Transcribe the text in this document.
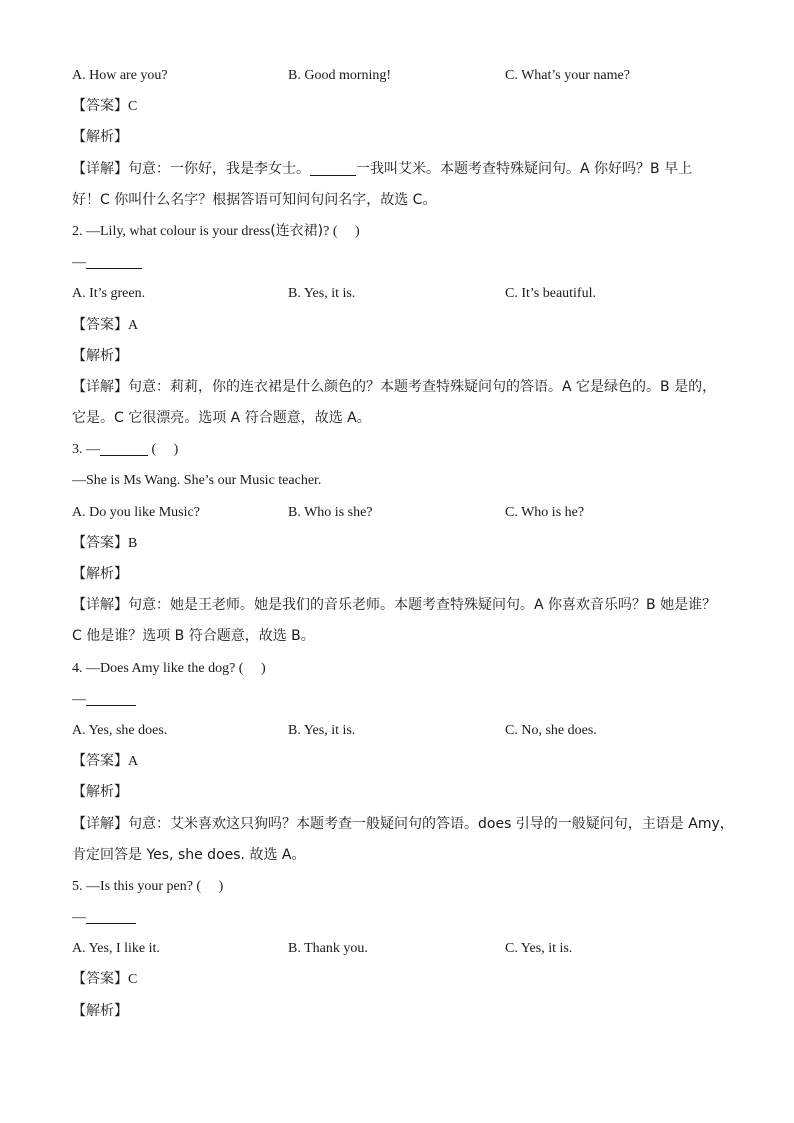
A. How are you?	B. Good morning!	C. What’s your name?
【答案】C
【解析】
【详解】句意：一你好，我是李女士。	一我叫艾米。本题考查特殊疑问句。A 你好吗？B 早上
好！C 你叫什么名字？根据答语可知问句问名字，故选 C。
2. —Lily, what colour is your dress(连衣裙)? (　 )
—
A. It’s green.	B. Yes, it is.	C. It’s beautiful.
【答案】A
【解析】
【详解】句意：莉莉，你的连衣裙是什么颜色的？本题考查特殊疑问句的答语。A 它是绿色的。B 是的，
它是。C 它很漂亮。选项 A 符合题意，故选 A。
3. —	(　 )
—She is Ms Wang. She’s our Music teacher.
A. Do you like Music?	B. Who is she?	C. Who is he?
【答案】B
【解析】
【详解】句意：她是王老师。她是我们的音乐老师。本题考查特殊疑问句。A 你喜欢音乐吗？B 她是谁？
C 他是谁？选项 B 符合题意，故选 B。
4. —Does Amy like the dog? (　 )
—
A. Yes, she does.	B. Yes, it is.	C. No, she does.
【答案】A
【解析】
【详解】句意：艾米喜欢这只狗吗？本题考查一般疑问句的答语。does 引导的一般疑问句，主语是 Amy，
肯定回答是 Yes, she does. 故选 A。
5. —Is this your pen? (　 )
—
A. Yes, I like it.	B. Thank you.	C. Yes, it is.
【答案】C
【解析】
